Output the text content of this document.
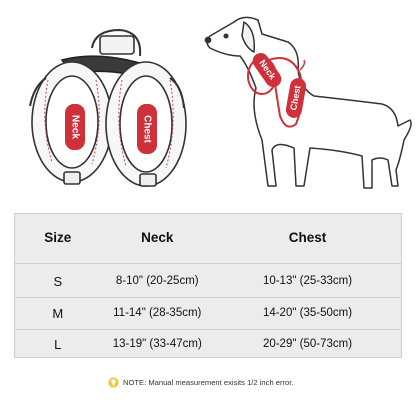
Neck	Chest
Neck
Chest
Size	Neck	Chest
S	8-10" (20-25cm)	10-13" (25-33cm)
M	11-14" (28-35cm)	14-20" (35-50cm)
L	13-19" (33-47cm)	20-29" (50-73cm)
NOTE: Manual measurement exisits 1/2 inch error.
